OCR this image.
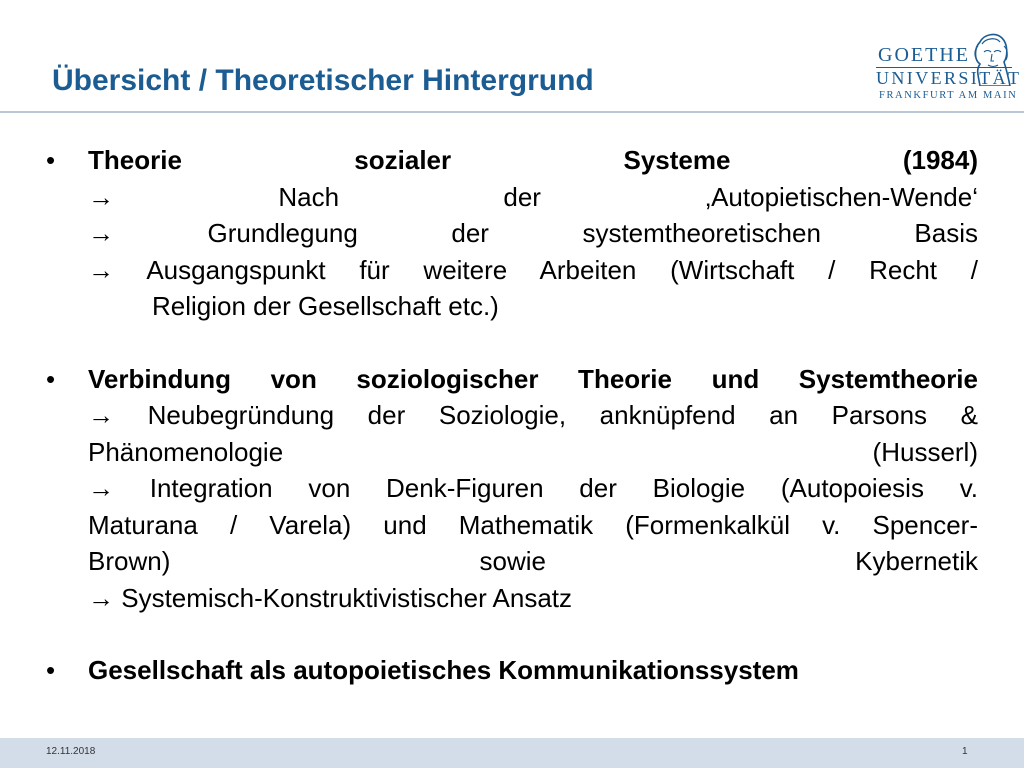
Übersicht / Theoretischer Hintergrund
GOETHE
UNIVERSITÄT
FRANKFURT AM MAIN
• Theorie sozialer Systeme (1984)
→ Nach der ‚Autopietischen-Wende‘
→ Grundlegung der systemtheoretischen Basis
→ Ausgangspunkt für weitere Arbeiten (Wirtschaft / Recht /
Religion der Gesellschaft etc.)
• Verbindung von soziologischer Theorie und Systemtheorie
→ Neubegründung der Soziologie, anknüpfend an Parsons &
Phänomenologie (Husserl)
→ Integration von Denk-Figuren der Biologie (Autopoiesis v.
Maturana / Varela) und Mathematik (Formenkalkül v. Spencer-
Brown) sowie Kybernetik
→ Systemisch-Konstruktivistischer Ansatz
• Gesellschaft als autopoietisches Kommunikationssystem
12.11.2018	1
